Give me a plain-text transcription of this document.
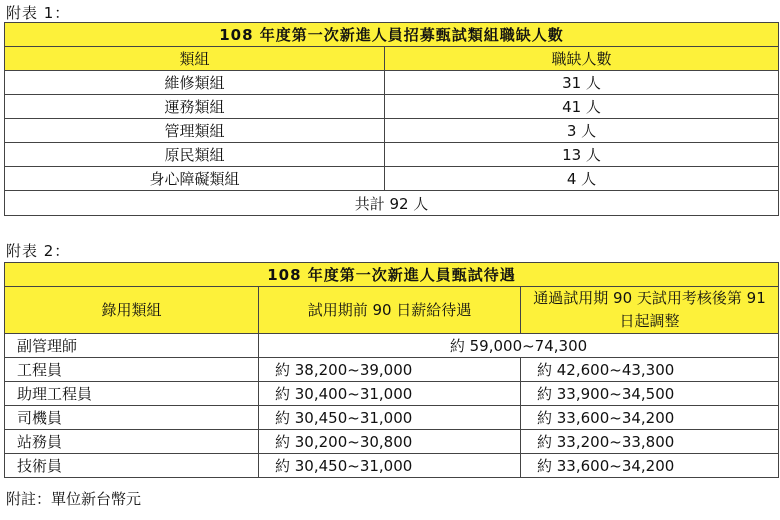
附表 1：
108 年度第一次新進人員招募甄試類組職缺人數	
類組	職缺人數
維修類組	31 人
運務類組	41 人
管理類組	3 人
原民類組	13 人
身心障礙類組	4 人
共計 92 人	
附表 2：
108 年度第一次新進人員甄試待遇		
錄用類組	試用期前 90 日薪給待遇	通過試用期 90 天試用考核後第 91 日起調整
副管理師	約 59,000~74,300	
工程員	約 38,200~39,000	約 42,600~43,300
助理工程員	約 30,400~31,000	約 33,900~34,500
司機員	約 30,450~31,000	約 33,600~34,200
站務員	約 30,200~30,800	約 33,200~33,800
技術員	約 30,450~31,000	約 33,600~34,200
附註：單位新台幣元
